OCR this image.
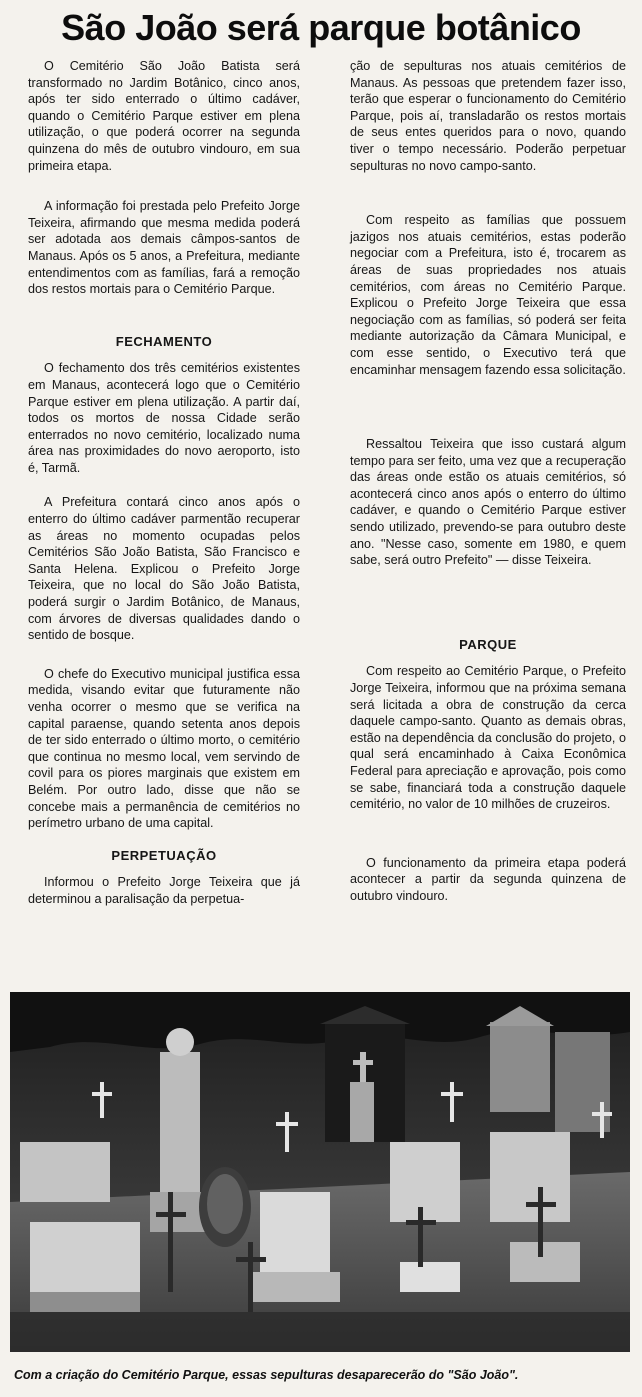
São João será parque botânico

O Cemitério São João Batista será transformado no Jardim Botânico, cinco anos, após ter sido enterrado o último cadáver, quando o Cemitério Parque estiver em plena utilização, o que poderá ocorrer na segunda quinzena do mês de outubro vindouro, em sua primeira etapa.

A informação foi prestada pelo Prefeito Jorge Teixeira, afirmando que mesma medida poderá ser adotada aos demais câmpos-santos de Manaus. Após os 5 anos, a Prefeitura, mediante entendimentos com as famílias, fará a remoção dos restos mortais para o Cemitério Parque.

FECHAMENTO

O fechamento dos três cemitérios existentes em Manaus, acontecerá logo que o Cemitério Parque estiver em plena utilização. A partir daí, todos os mortos de nossa Cidade serão enterrados no novo cemitério, localizado numa área nas proximidades do novo aeroporto, isto é, Tarmã.

A Prefeitura contará cinco anos após o enterro do último cadáver parmentão recuperar as áreas no momento ocupadas pelos Cemitérios São João Batista, São Francisco e Santa Helena. Explicou o Prefeito Jorge Teixeira, que no local do São João Batista, poderá surgir o Jardim Botânico, de Manaus, com árvores de diversas qualidades dando o sentido de bosque.

O chefe do Executivo municipal justifica essa medida, visando evitar que futuramente não venha ocorrer o mesmo que se verifica na capital paraense, quando setenta anos depois de ter sido enterrado o último morto, o cemitério que continua no mesmo local, vem servindo de covil para os piores marginais que existem em Belém. Por outro lado, disse que não se concebe mais a permanência de cemitérios no perímetro urbano de uma capital.

PERPETUAÇÃO

Informou o Prefeito Jorge Teixeira que já determinou a paralisação da perpetua-

ção de sepulturas nos atuais cemitérios de Manaus. As pessoas que pretendem fazer isso, terão que esperar o funcionamento do Cemitério Parque, pois aí, transladarão os restos mortais de seus entes queridos para o novo, quando tiver o tempo necessário. Poderão perpetuar sepulturas no novo campo-santo.

Com respeito as famílias que possuem jazigos nos atuais cemitérios, estas poderão negociar com a Prefeitura, isto é, trocarem as áreas de suas propriedades nos atuais cemitérios, com áreas no Cemitério Parque. Explicou o Prefeito Jorge Teixeira que essa negociação com as famílias, só poderá ser feita mediante autorização da Câmara Municipal, e com esse sentido, o Executivo terá que encaminhar mensagem fazendo essa solicitação.

Ressaltou Teixeira que isso custará algum tempo para ser feito, uma vez que a recuperação das áreas onde estão os atuais cemitérios, só acontecerá cinco anos após o enterro do último cadáver, e quando o Cemitério Parque estiver sendo utilizado, prevendo-se para outubro deste ano. "Nesse caso, somente em 1980, e quem sabe, será outro Prefeito" — disse Teixeira.

PARQUE

Com respeito ao Cemitério Parque, o Prefeito Jorge Teixeira, informou que na próxima semana será licitada a obra de construção da cerca daquele campo-santo. Quanto as demais obras, estão na dependência da conclusão do projeto, o qual será encaminhado à Caixa Econômica Federal para apreciação e aprovação, pois como se sabe, financiará toda a construção daquele cemitério, no valor de 10 milhões de cruzeiros.

O funcionamento da primeira etapa poderá acontecer a partir da segunda quinzena de outubro vindouro.

Com a criação do Cemitério Parque, essas sepulturas desaparecerão do "São João".
